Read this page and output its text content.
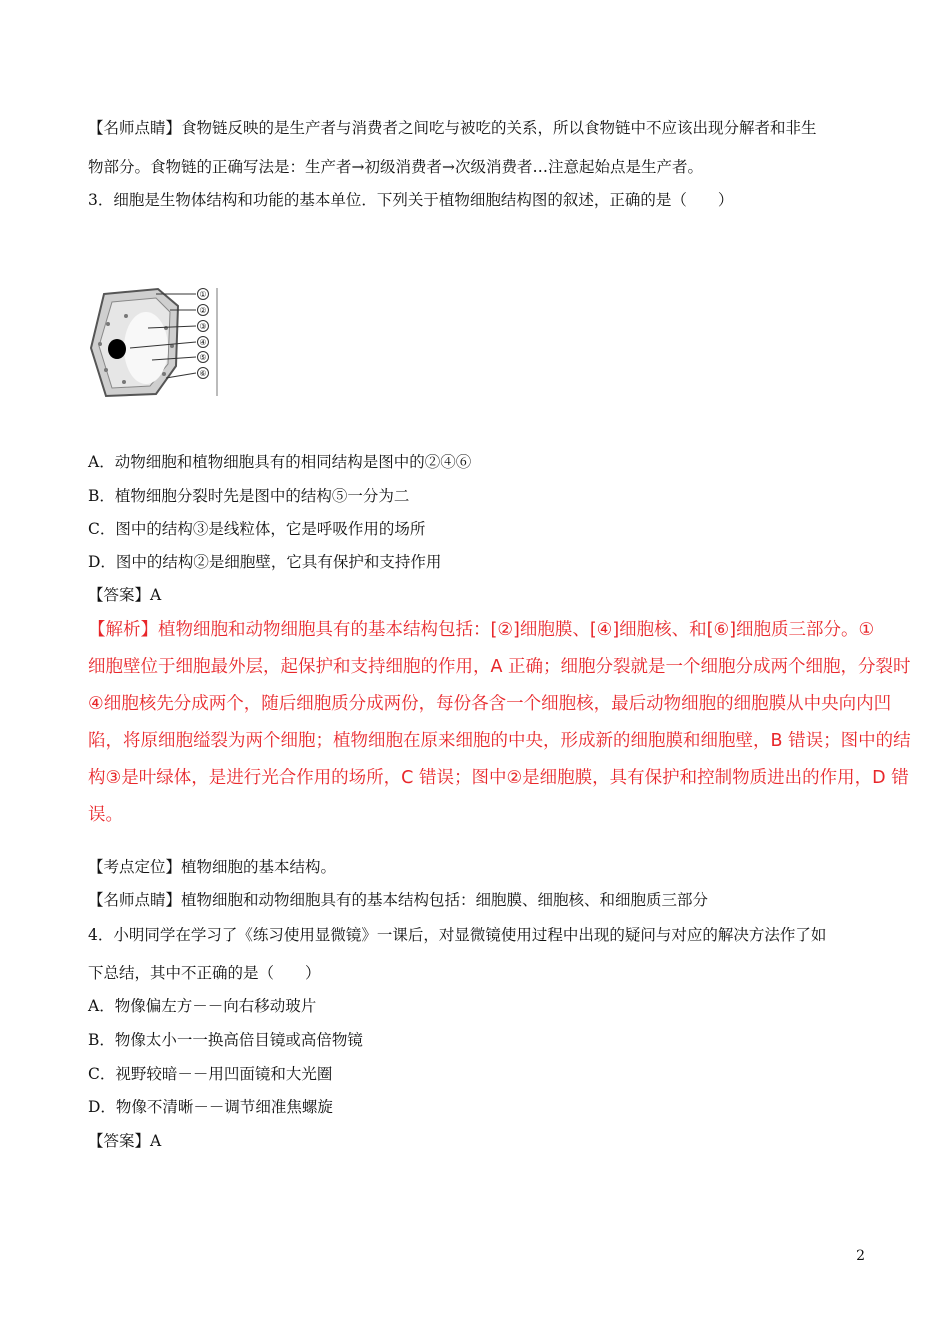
【名师点睛】食物链反映的是生产者与消费者之间吃与被吃的关系，所以食物链中不应该出现分解者和非生
物部分。食物链的正确写法是：生产者→初级消费者→次级消费者…注意起始点是生产者。
3．细胞是生物体结构和功能的基本单位．下列关于植物细胞结构图的叙述，正确的是（　　）
①
②
③
④
⑤
⑥
A．动物细胞和植物细胞具有的相同结构是图中的②④⑥
B．植物细胞分裂时先是图中的结构⑤一分为二
C．图中的结构③是线粒体，它是呼吸作用的场所
D．图中的结构②是细胞壁，它具有保护和支持作用
【答案】A
【解析】植物细胞和动物细胞具有的基本结构包括：[②]细胞膜、[④]细胞核、和[⑥]细胞质三部分。①
细胞壁位于细胞最外层，起保护和支持细胞的作用，A 正确；细胞分裂就是一个细胞分成两个细胞，分裂时
④细胞核先分成两个，随后细胞质分成两份，每份各含一个细胞核，最后动物细胞的细胞膜从中央向内凹
陷，将原细胞缢裂为两个细胞；植物细胞在原来细胞的中央，形成新的细胞膜和细胞壁，B 错误；图中的结
构③是叶绿体，是进行光合作用的场所，C 错误；图中②是细胞膜，具有保护和控制物质进出的作用，D 错
误。
【考点定位】植物细胞的基本结构。
【名师点睛】植物细胞和动物细胞具有的基本结构包括：细胞膜、细胞核、和细胞质三部分
4．小明同学在学习了《练习使用显微镜》一课后，对显微镜使用过程中出现的疑问与对应的解决方法作了如
下总结，其中不正确的是（　　）
A．物像偏左方－－向右移动玻片
B．物像太小一一换高倍目镜或高倍物镜
C．视野较暗－－用凹面镜和大光圈
D．物像不清晰－－调节细准焦螺旋
【答案】A
2
